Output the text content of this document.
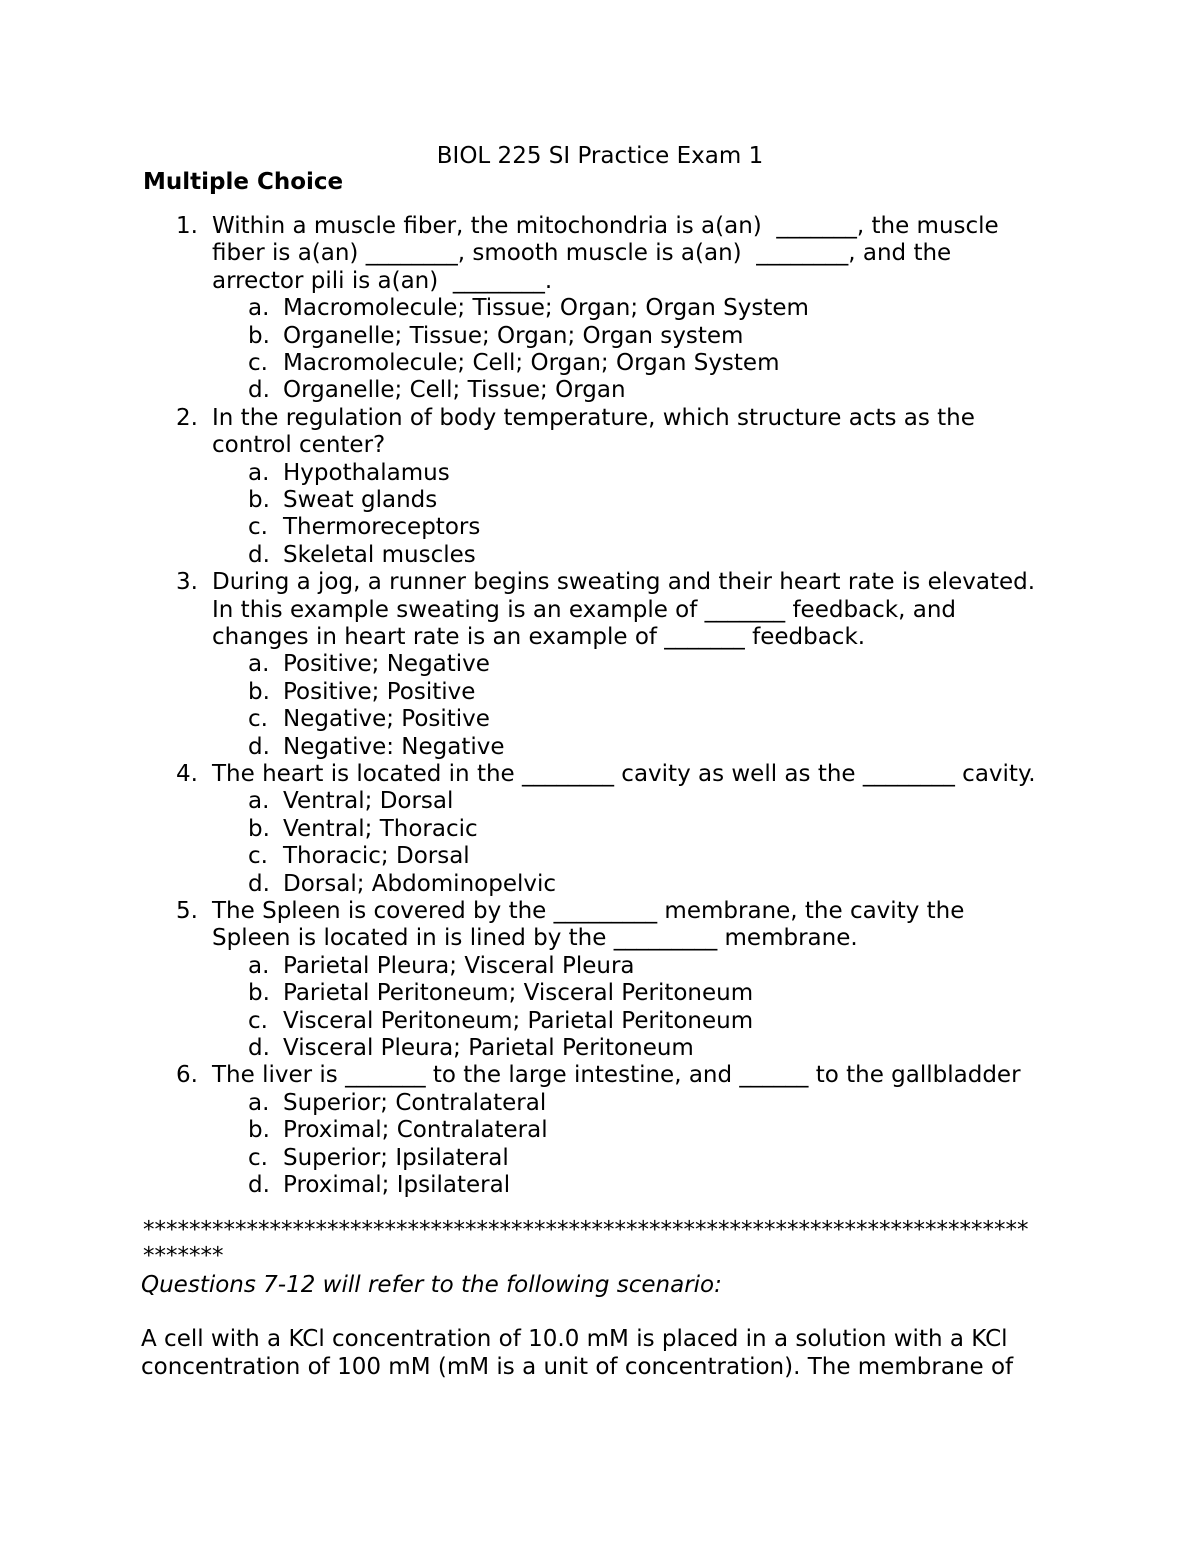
BIOL 225 SI Practice Exam 1
Multiple Choice
1. Within a muscle fiber, the mitochondria is a(an)  _______, the muscle
fiber is a(an) ________, smooth muscle is a(an)  ________, and the
arrector pili is a(an)  ________.
a. Macromolecule; Tissue; Organ; Organ System
b. Organelle; Tissue; Organ; Organ system
c. Macromolecule; Cell; Organ; Organ System
d. Organelle; Cell; Tissue; Organ
2. In the regulation of body temperature, which structure acts as the
control center?
a. Hypothalamus
b. Sweat glands
c. Thermoreceptors
d. Skeletal muscles
3. During a jog, a runner begins sweating and their heart rate is elevated.
In this example sweating is an example of _______ feedback, and
changes in heart rate is an example of _______ feedback.
a. Positive; Negative
b. Positive; Positive
c. Negative; Positive
d. Negative: Negative
4. The heart is located in the ________ cavity as well as the ________ cavity.
a. Ventral; Dorsal
b. Ventral; Thoracic
c. Thoracic; Dorsal
d. Dorsal; Abdominopelvic
5. The Spleen is covered by the _________ membrane, the cavity the
Spleen is located in is lined by the _________ membrane.
a. Parietal Pleura; Visceral Pleura
b. Parietal Peritoneum; Visceral Peritoneum
c. Visceral Peritoneum; Parietal Peritoneum
d. Visceral Pleura; Parietal Peritoneum
6. The liver is _______ to the large intestine, and ______ to the gallbladder
a. Superior; Contralateral
b. Proximal; Contralateral
c. Superior; Ipsilateral
d. Proximal; Ipsilateral
*****************************************************************************
*******
Questions 7-12 will refer to the following scenario:
A cell with a KCl concentration of 10.0 mM is placed in a solution with a KCl
concentration of 100 mM (mM is a unit of concentration). The membrane of
